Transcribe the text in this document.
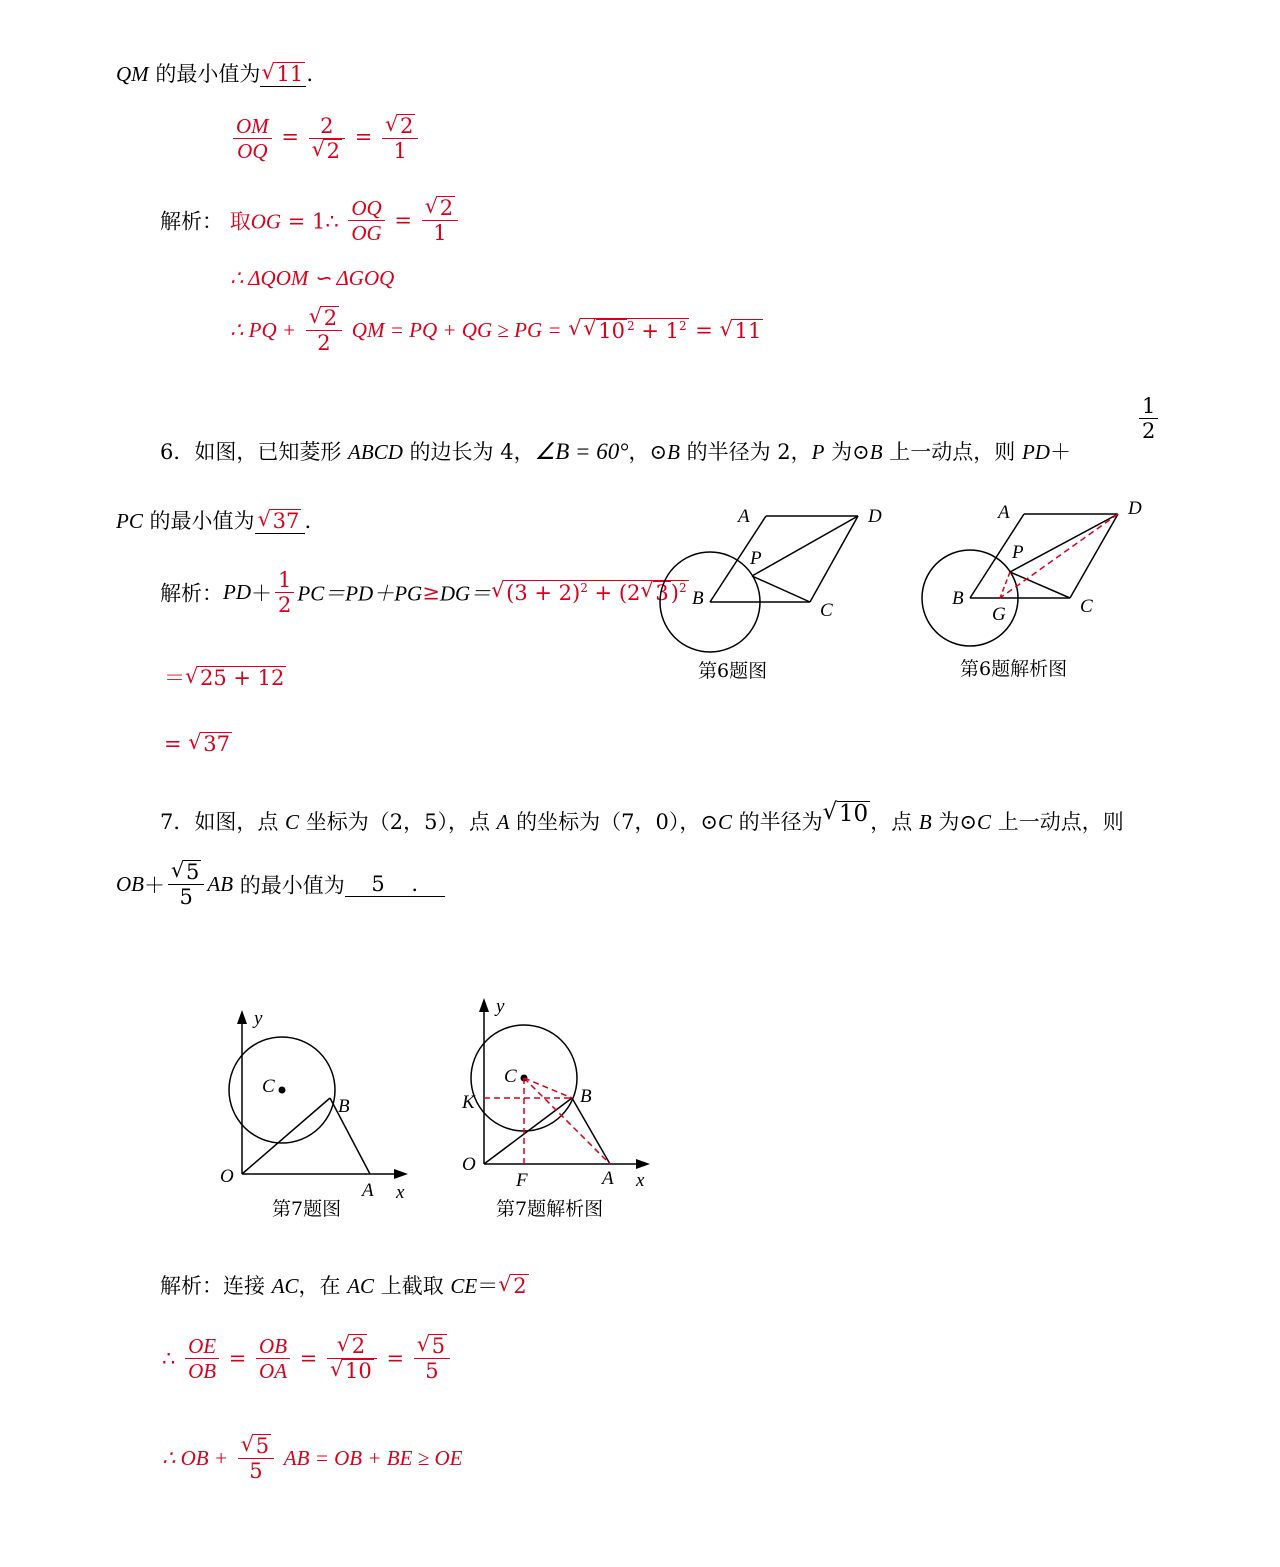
QM 的最小值为√ 11 .
$\frac{OM}{OQ} = 2$
√ 2 =
√ $\frac{2}{1}$
解析： 取OG = 1∴ $\frac{OQ}{OG}$ =
√ $\frac{2}{1}$
∴ ΔQOM ∽ ΔGOQ
∴ PQ +
√ $\frac{2}{2}$ QM = PQ + QG ≥ PG = √ √ 10 $^2 + 1^2$ = √ 11
6．如图，已知菱形 ABCD 的边长为 4，∠B = 60°，⊙B 的半径为 2，P 为⊙B 上一动点，则 PD＋
$\frac{1}{2}$
PC 的最小值为√ 37 .
解析：$PD+ \frac{1}{2} PC=PD+PG\ge DG=√$ $(3 + 2)^2 + (2√$ 3)$^2$
＝√ 25 + 12
= √ 37
A	D
P
B
C
第6题图
A	D
P
B
G	C
第6题解析图
7．如图，点 C 坐标为（2，5），点 A 的坐标为（7，0），⊙C 的半径为√ 10，点 B 为⊙C 上一动点，则
OB＋
√ $\frac{5}{5}$ AB 的最小值为 5 .
y
C
B
O
A x
第7题图
y
C
K	B
O
F	A x
第7题解析图
解析：连接 AC，在 AC 上截取 CE＝√ 2
∴ $\frac{OE}{OB} = \frac{OB}{OA}$ =
√ 2
√ 10 =
√ $\frac{5}{5}$
∴ OB +
√ $\frac{5}{5}$ AB = OB + BE ≥ OE
